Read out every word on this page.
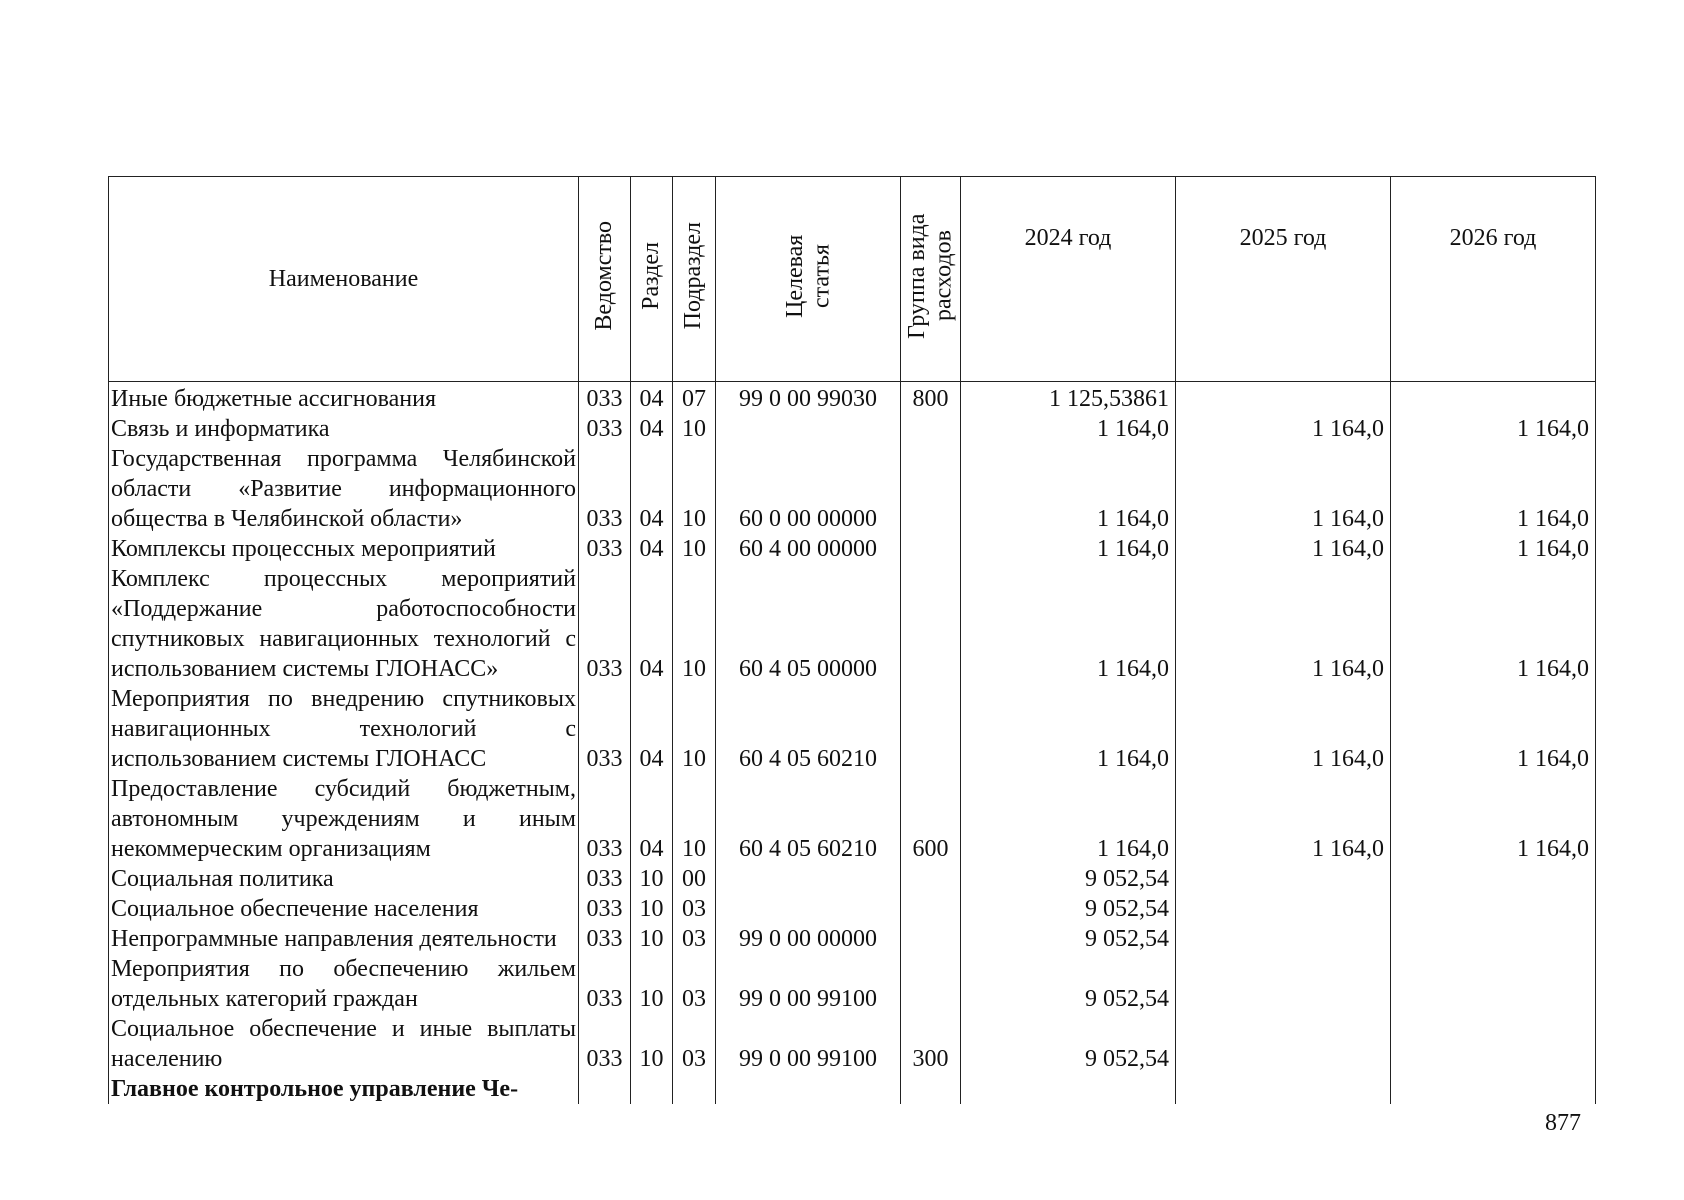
Наименование	Ведомство	Раздел	Подраздел	Целевая статья	Группа вида расходов	2024 год	2025 год	2026 год
Иные бюджетные ассигнования	033	04	07	99 0 00 99030	800	1 125,53861		
Связь и информатика	033	04	10			1 164,0	1 164,0	1 164,0
Государственная программа Челябинской области «Развитие информационного общества в Челябинской области»	033	04	10	60 0 00 00000		1 164,0	1 164,0	1 164,0
Комплексы процессных мероприятий	033	04	10	60 4 00 00000		1 164,0	1 164,0	1 164,0
Комплекс процессных мероприятий «Поддержание работоспособности спутниковых навигационных технологий с использованием системы ГЛОНАСС»	033	04	10	60 4 05 00000		1 164,0	1 164,0	1 164,0
Мероприятия по внедрению спутниковых навигационных технологий с использованием системы ГЛОНАСС	033	04	10	60 4 05 60210		1 164,0	1 164,0	1 164,0
Предоставление субсидий бюджетным, автономным учреждениям и иным некоммерческим организациям	033	04	10	60 4 05 60210	600	1 164,0	1 164,0	1 164,0
Социальная политика	033	10	00			9 052,54		
Социальное обеспечение населения	033	10	03			9 052,54		
Непрограммные направления деятельности	033	10	03	99 0 00 00000		9 052,54		
Мероприятия по обеспечению жильем отдельных категорий граждан	033	10	03	99 0 00 99100		9 052,54		
Социальное обеспечение и иные выплаты населению	033	10	03	99 0 00 99100	300	9 052,54		
Главное контрольное управление Че-								
877
